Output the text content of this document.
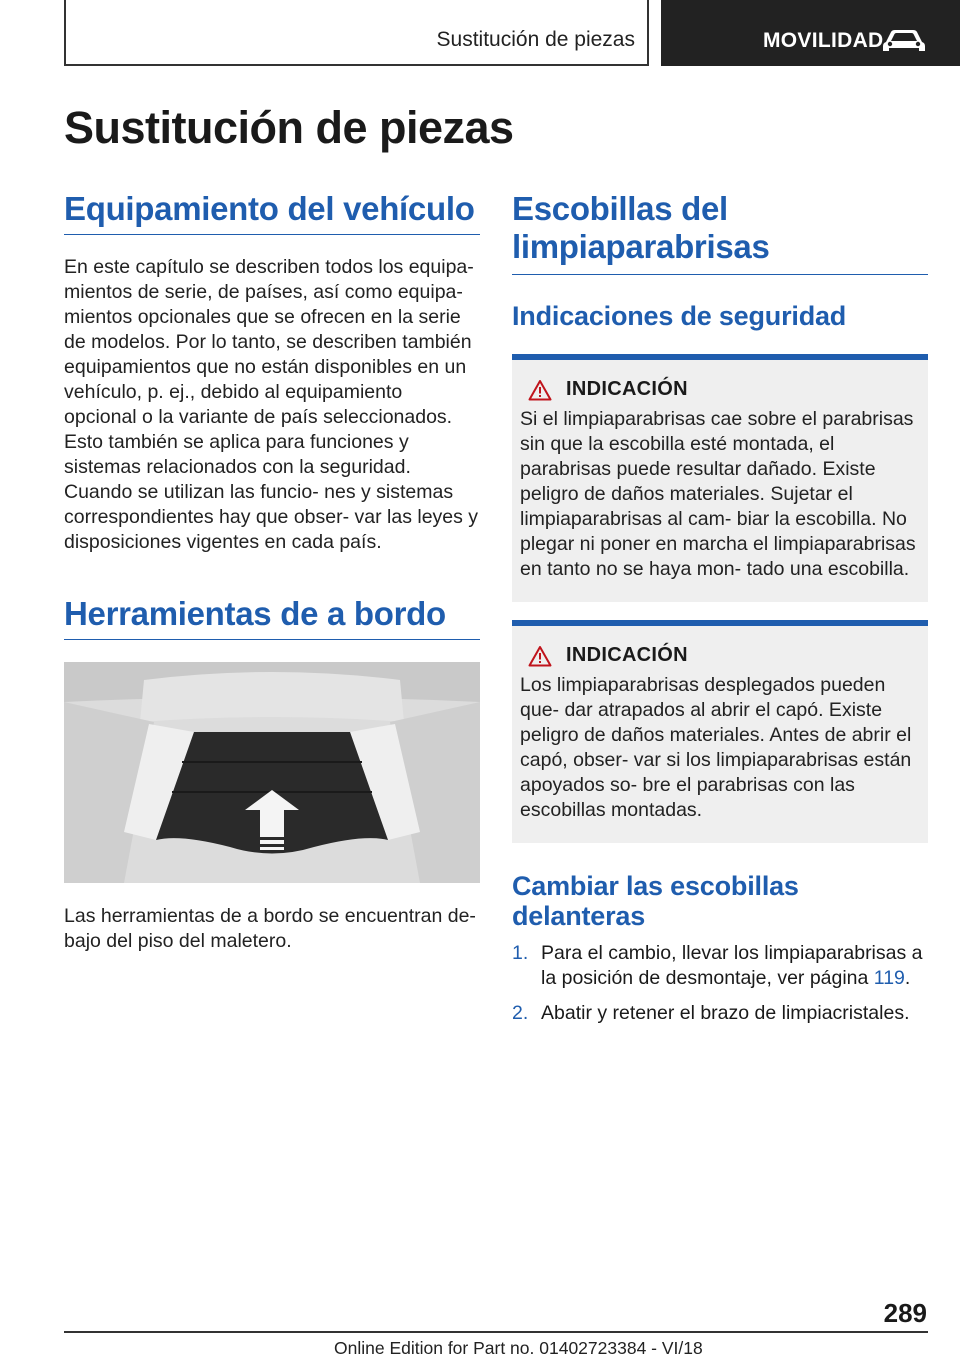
Sustitución de piezas	MOVILIDAD
Sustitución de piezas
Equipamiento del vehículo

En este capítulo se describen todos los equipa- mientos de serie, de países, así como equipa- mientos opcionales que se ofrecen en la serie de modelos. Por lo tanto, se describen también equipamientos que no están disponibles en un vehículo, p. ej., debido al equipamiento opcional o la variante de país seleccionados. Esto también se aplica para funciones y sistemas relacionados con la seguridad. Cuando se utilizan las funcio- nes y sistemas correspondientes hay que obser- var las leyes y disposiciones vigentes en cada país.

Herramientas de a bordo

Las herramientas de a bordo se encuentran de- bajo del piso del maletero.

Escobillas del limpiaparabrisas
Indicaciones de seguridad
INDICACIÓN

Si el limpiaparabrisas cae sobre el parabrisas sin que la escobilla esté montada, el parabrisas puede resultar dañado. Existe peligro de daños materiales. Sujetar el limpiaparabrisas al cam- biar la escobilla. No plegar ni poner en marcha el limpiaparabrisas en tanto no se haya mon- tado una escobilla.

INDICACIÓN

Los limpiaparabrisas desplegados pueden que- dar atrapados al abrir el capó. Existe peligro de daños materiales. Antes de abrir el capó, obser- var si los limpiaparabrisas están apoyados so- bre el parabrisas con las escobillas montadas.

Cambiar las escobillas delanteras
1. Para el cambio, llevar los limpiaparabrisas a la posición de desmontaje, ver página 119.
2. Abatir y retener el brazo de limpiacristales.
289
Online Edition for Part no. 01402723384 - VI/18
